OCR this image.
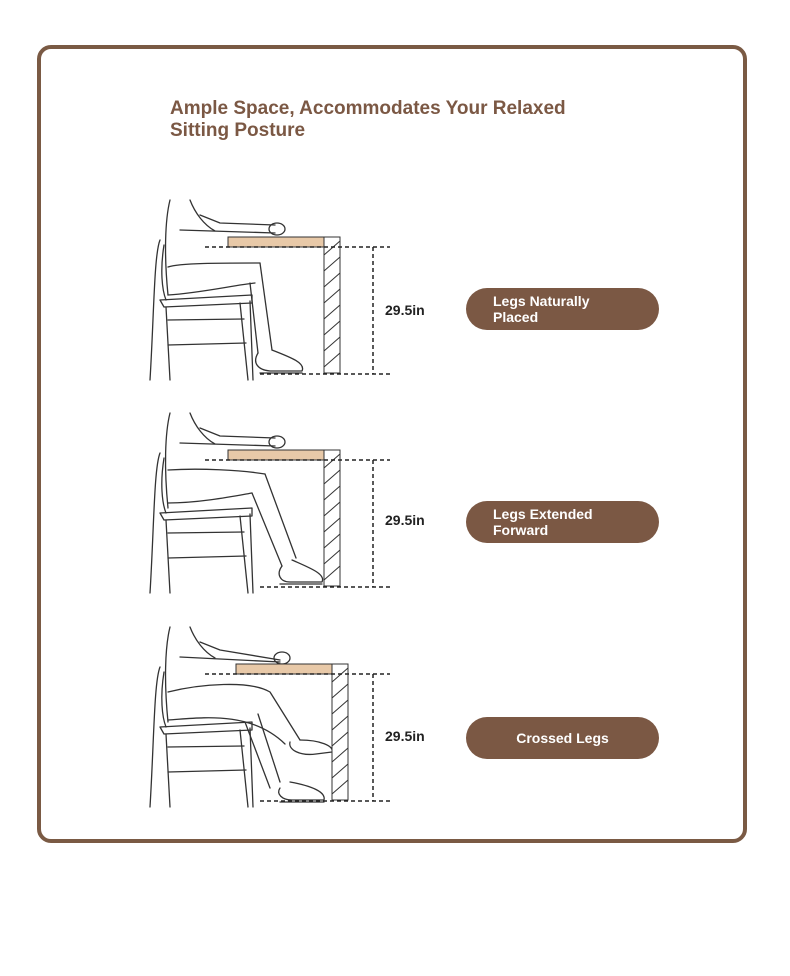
Ample Space, Accommodates Your Relaxed
Sitting Posture
29.5in
Legs Naturally
Placed
29.5in	Legs Extended
Forward
29.5in	Crossed Legs
